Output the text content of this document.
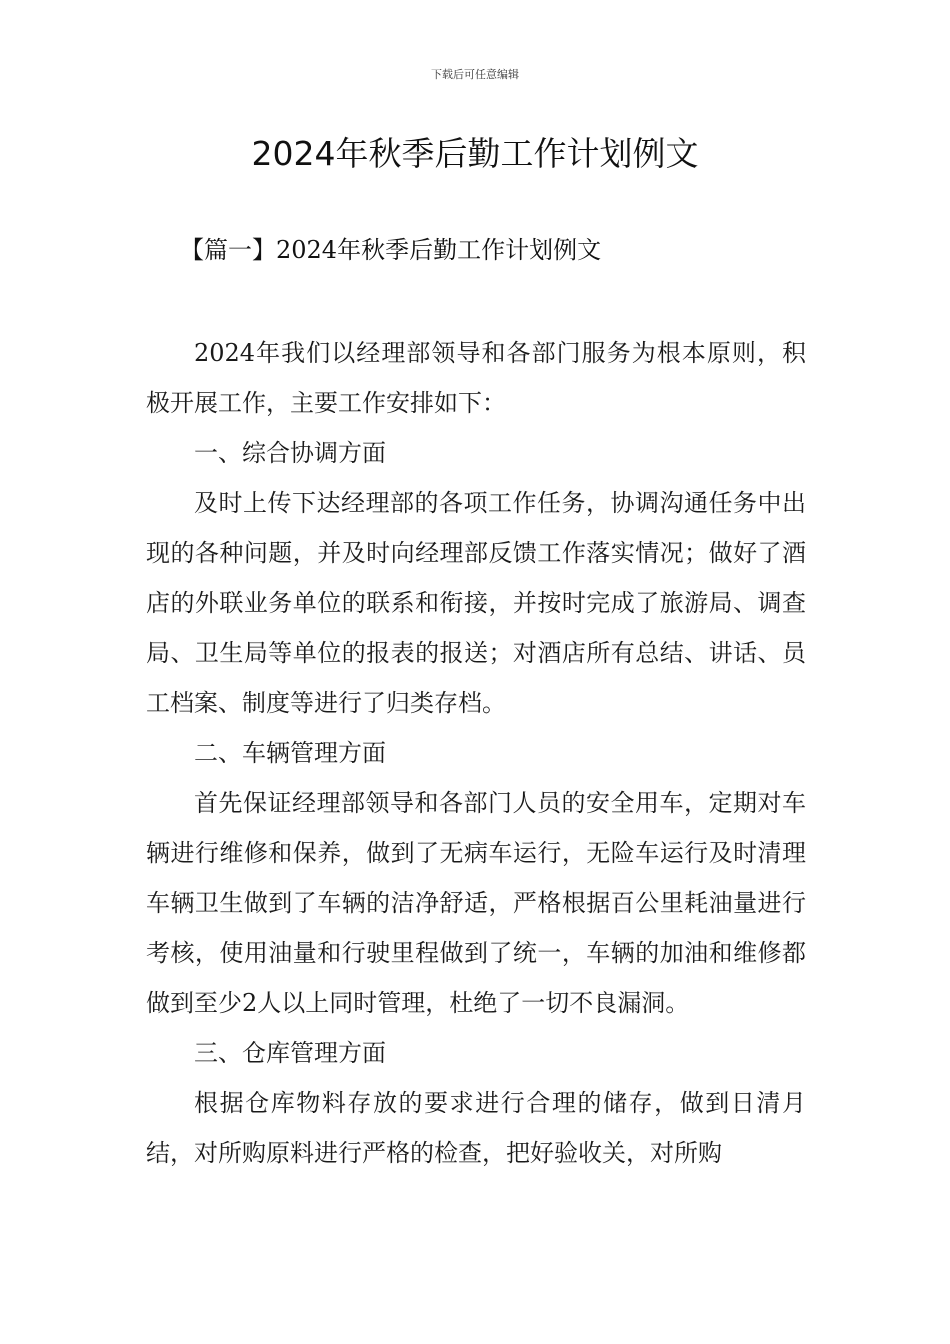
下载后可任意编辑
2024年秋季后勤工作计划例文
【篇一】2024年秋季后勤工作计划例文

2024年我们以经理部领导和各部门服务为根本原则，积极开展工作，主要工作安排如下：

一、综合协调方面

及时上传下达经理部的各项工作任务，协调沟通任务中出现的各种问题，并及时向经理部反馈工作落实情况；做好了酒店的外联业务单位的联系和衔接，并按时完成了旅游局、调查局、卫生局等单位的报表的报送；对酒店所有总结、讲话、员工档案、制度等进行了归类存档。

二、车辆管理方面

首先保证经理部领导和各部门人员的安全用车，定期对车辆进行维修和保养，做到了无病车运行，无险车运行及时清理车辆卫生做到了车辆的洁净舒适，严格根据百公里耗油量进行考核，使用油量和行驶里程做到了统一，车辆的加油和维修都做到至少2人以上同时管理，杜绝了一切不良漏洞。

三、仓库管理方面

根据仓库物料存放的要求进行合理的储存，做到日清月结，对所购原料进行严格的检查，把好验收关，对所购
